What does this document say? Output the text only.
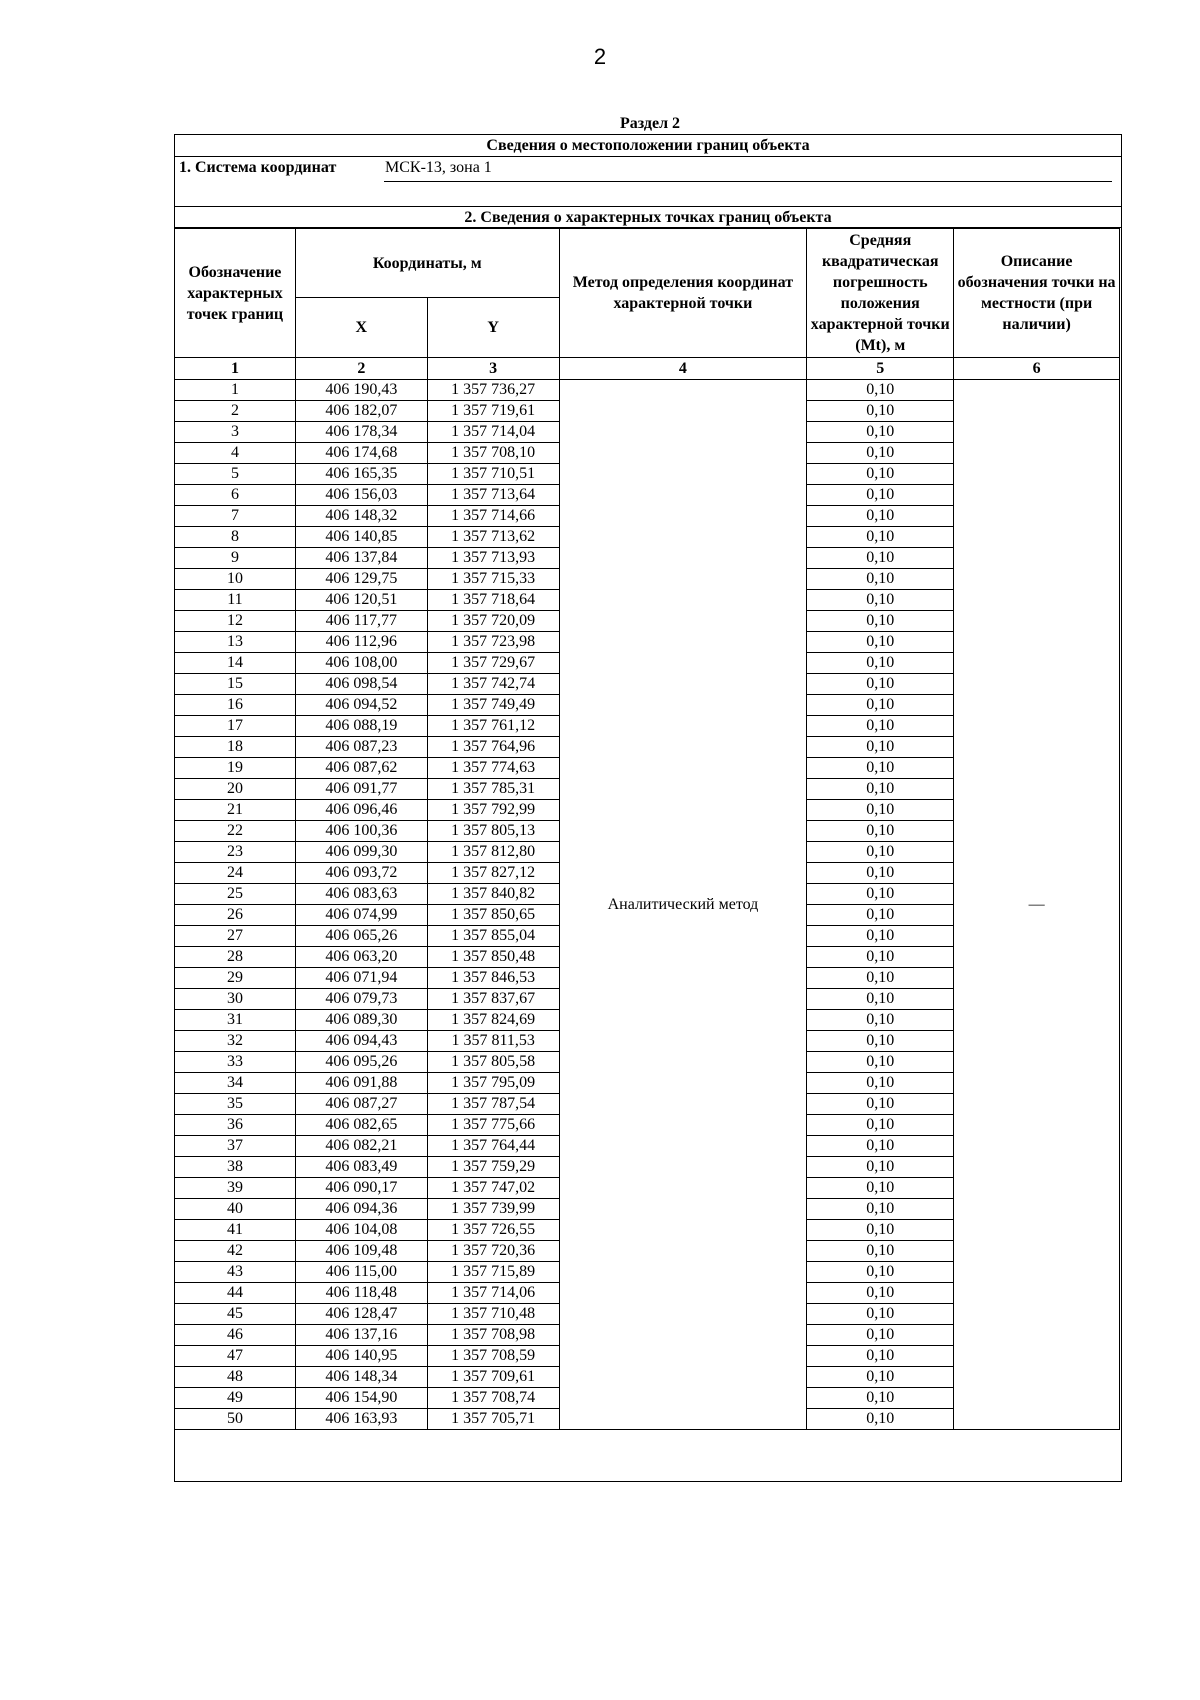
2
Раздел 2
Сведения о местоположении границ объекта
1. Система координат	МСК-13, зона 1
2. Сведения о характерных точках границ объекта
Обозначение характерных точек границ	Координаты, м		Метод определения координат характерной точки	Средняя квадратическая погрешность положения характерной точки (Mt), м	Описание обозначения точки на местности (при наличии)
	X	Y			
1	2	3	4	5	6
1	406 190,43	1 357 736,27	Аналитический метод	0,10	—
2	406 182,07	1 357 719,61		0,10	
3	406 178,34	1 357 714,04		0,10	
4	406 174,68	1 357 708,10		0,10	
5	406 165,35	1 357 710,51		0,10	
6	406 156,03	1 357 713,64		0,10	
7	406 148,32	1 357 714,66		0,10	
8	406 140,85	1 357 713,62		0,10	
9	406 137,84	1 357 713,93		0,10	
10	406 129,75	1 357 715,33		0,10	
11	406 120,51	1 357 718,64		0,10	
12	406 117,77	1 357 720,09		0,10	
13	406 112,96	1 357 723,98		0,10	
14	406 108,00	1 357 729,67		0,10	
15	406 098,54	1 357 742,74		0,10	
16	406 094,52	1 357 749,49		0,10	
17	406 088,19	1 357 761,12		0,10	
18	406 087,23	1 357 764,96		0,10	
19	406 087,62	1 357 774,63		0,10	
20	406 091,77	1 357 785,31		0,10	
21	406 096,46	1 357 792,99		0,10	
22	406 100,36	1 357 805,13		0,10	
23	406 099,30	1 357 812,80		0,10	
24	406 093,72	1 357 827,12		0,10	
25	406 083,63	1 357 840,82		0,10	
26	406 074,99	1 357 850,65		0,10	
27	406 065,26	1 357 855,04		0,10	
28	406 063,20	1 357 850,48		0,10	
29	406 071,94	1 357 846,53		0,10	
30	406 079,73	1 357 837,67		0,10	
31	406 089,30	1 357 824,69		0,10	
32	406 094,43	1 357 811,53		0,10	
33	406 095,26	1 357 805,58		0,10	
34	406 091,88	1 357 795,09		0,10	
35	406 087,27	1 357 787,54		0,10	
36	406 082,65	1 357 775,66		0,10	
37	406 082,21	1 357 764,44		0,10	
38	406 083,49	1 357 759,29		0,10	
39	406 090,17	1 357 747,02		0,10	
40	406 094,36	1 357 739,99		0,10	
41	406 104,08	1 357 726,55		0,10	
42	406 109,48	1 357 720,36		0,10	
43	406 115,00	1 357 715,89		0,10	
44	406 118,48	1 357 714,06		0,10	
45	406 128,47	1 357 710,48		0,10	
46	406 137,16	1 357 708,98		0,10	
47	406 140,95	1 357 708,59		0,10	
48	406 148,34	1 357 709,61		0,10	
49	406 154,90	1 357 708,74		0,10	
50	406 163,93	1 357 705,71		0,10	
